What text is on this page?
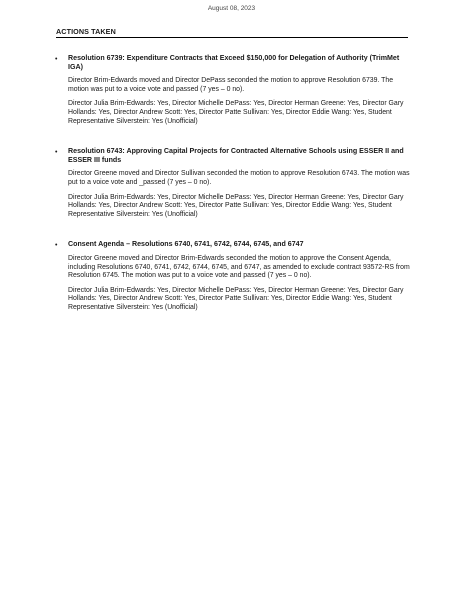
August 08, 2023
ACTIONS TAKEN
• Resolution 6739: Expenditure Contracts that Exceed $150,000 for Delegation of Authority (TrimMet IGA)

Director Brim-Edwards moved and Director DePass seconded the motion to approve Resolution 6739. The motion was put to a voice vote and passed (7 yes – 0 no).

Director Julia Brim-Edwards: Yes, Director Michelle DePass: Yes, Director Herman Greene: Yes, Director Gary Hollands: Yes, Director Andrew Scott: Yes, Director Patte Sullivan: Yes, Director Eddie Wang: Yes, Student Representative Silverstein: Yes (Unofficial)

• Resolution 6743: Approving Capital Projects for Contracted Alternative Schools using ESSER II and ESSER III funds

Director Greene moved and Director Sullivan seconded the motion to approve Resolution 6743. The motion was put to a voice vote and _passed (7 yes – 0 no).

Director Julia Brim-Edwards: Yes, Director Michelle DePass: Yes, Director Herman Greene: Yes, Director Gary Hollands: Yes, Director Andrew Scott: Yes, Director Patte Sullivan: Yes, Director Eddie Wang: Yes, Student Representative Silverstein: Yes (Unofficial)

• Consent Agenda – Resolutions 6740, 6741, 6742, 6744, 6745, and 6747

Director Greene moved and Director Brim-Edwards seconded the motion to approve the Consent Agenda, including Resolutions 6740, 6741, 6742, 6744, 6745, and 6747, as amended to exclude contract 93572-RS from Resolution 6745. The motion was put to a voice vote and passed (7 yes – 0 no).

Director Julia Brim-Edwards: Yes, Director Michelle DePass: Yes, Director Herman Greene: Yes, Director Gary Hollands: Yes, Director Andrew Scott: Yes, Director Patte Sullivan: Yes, Director Eddie Wang: Yes, Student Representative Silverstein: Yes (Unofficial)
